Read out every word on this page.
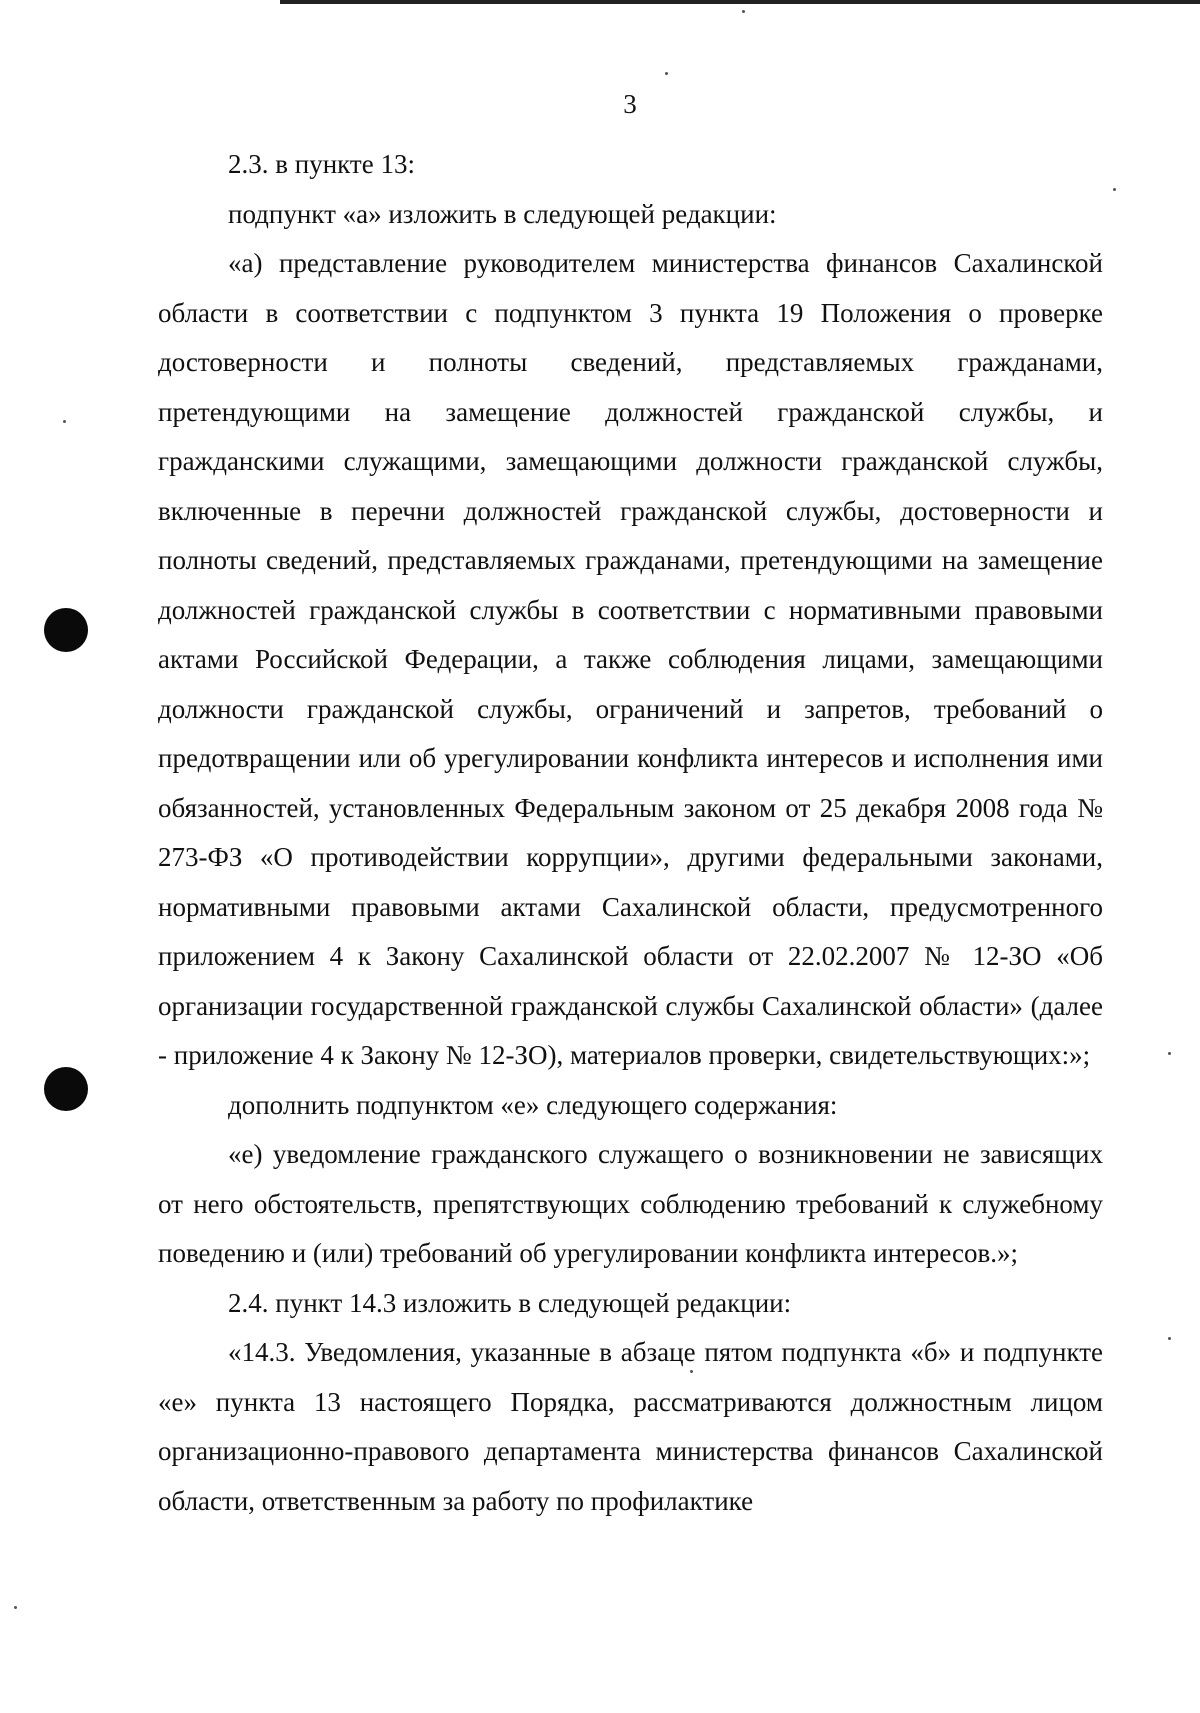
3

2.3. в пункте 13:

подпункт «а» изложить в следующей редакции:

«а) представление руководителем министерства финансов Сахалинской области в соответствии с подпунктом 3 пункта 19 Положения о проверке достоверности и полноты сведений, представляемых гражданами, претендующими на замещение должностей гражданской службы, и гражданскими служащими, замещающими должности гражданской службы, включенные в перечни должностей гражданской службы, достоверности и полноты сведений, представляемых гражданами, претендующими на замещение должностей гражданской службы в соответствии с нормативными правовыми актами Российской Федерации, а также соблюдения лицами, замещающими должности гражданской службы, ограничений и запретов, требований о предотвращении или об урегулировании конфликта интересов и исполнения ими обязанностей, установленных Федеральным законом от 25 декабря 2008 года № 273-ФЗ «О противодействии коррупции», другими федеральными законами, нормативными правовыми актами Сахалинской области, предусмотренного приложением 4 к Закону Сахалинской области от 22.02.2007 № 12-ЗО «Об организации государственной гражданской службы Сахалинской области» (далее - приложение 4 к Закону № 12-ЗО), материалов проверки, свидетельствующих:»;

дополнить подпунктом «е» следующего содержания:

«е) уведомление гражданского служащего о возникновении не зависящих от него обстоятельств, препятствующих соблюдению требований к служебному поведению и (или) требований об урегулировании конфликта интересов.»;

2.4. пункт 14.3 изложить в следующей редакции:

«14.3. Уведомления, указанные в абзаце пятом подпункта «б» и подпункте «е» пункта 13 настоящего Порядка, рассматриваются должностным лицом организационно-правового департамента министерства финансов Сахалинской области, ответственным за работу по профилактике
